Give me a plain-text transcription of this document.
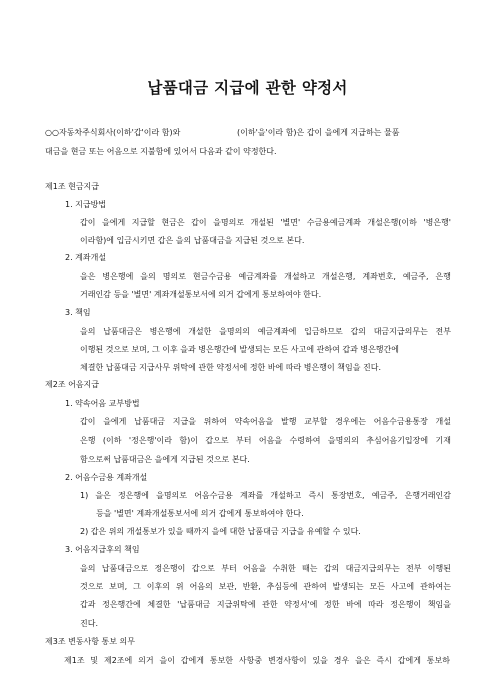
납품대금 지급에 관한 약정서
○○자동차주식회사(이하'갑'이라 함)와	(이하'을'이라 함)은 갑이 을에게 지급하는 물품
대금을 현금 또는 어음으로 지불함에 있어서 다음과 같이 약정한다.
제1조 현금지급
1. 지급방법
갑이 을에게 지급할 현금은 갑이 을명의로 개설된 '별면' 수금용예금계좌 개설은행(이하 '병은행'
이라함)에 입금시키면 갑은 을의 납품대금을 지급된 것으로 본다.
2. 계좌개설
을은 병은행에 을의 명의로 현금수금용 예금계좌를 개설하고 개설은행, 계좌번호, 예금주, 은행
거래인감 등을 '별면' 계좌개설통보서에 의거 갑에게 통보하여야 한다.
3. 책임
을의 납품대금은 병은행에 개설한 을명의의 예금계좌에 입금하므로 갑의 대금지급의무는 전부
이행된 것으로 보며, 그 이후 을과 병은행간에 발생되는 모든 사고에 관하여 갑과 병은행간에
체결한 납품대금 지급사무 위탁에 관한 약정서에 정한 바에 따라 병은행이 책임을 진다.
제2조 어음지급
1. 약속어음 교부방법
갑이 을에게 납품대금 지급을 위하여 약속어음을 발행 교부할 경우에는 어음수금용통장 개설
은행 (이하 '정은행'이라 함)이 갑으로 부터 어음을 수령하여 을명의의 추심어음기입장에 기재
함으로써 납품대금은 을에게 지급된 것으로 본다.
2. 어음수금용 계좌개설
1) 을은 정은행에 을명의로 어음수금용 계좌를 개설하고 즉시 통장번호, 예금주, 은행거래인감
등을 '별면' 계좌개설통보서에 의거 갑에게 통보하여야 한다.
2) 갑은 위의 개설통보가 있을 때까지 을에 대한 납품대금 지급을 유예할 수 있다.
3. 어음지급후의 책임
을의 납품대금으로 정은행이 갑으로 부터 어음을 수취한 때는 갑의 대금지급의무는 전부 이행된
것으로 보며, 그 이후의 위 어음의 보관, 반환, 추심등에 관하여 발생되는 모든 사고에 관하여는
갑과 정은행간에 체결한 '납품대금 지급위탁에 관한 약정서'에 정한 바에 따라 정은행이 책임을
진다.
제3조 변동사항 통보 의무
제1조 및 제2조에 의거 을이 갑에게 통보한 사항중 변경사항이 있을 경우 을은 즉시 갑에게 통보하
